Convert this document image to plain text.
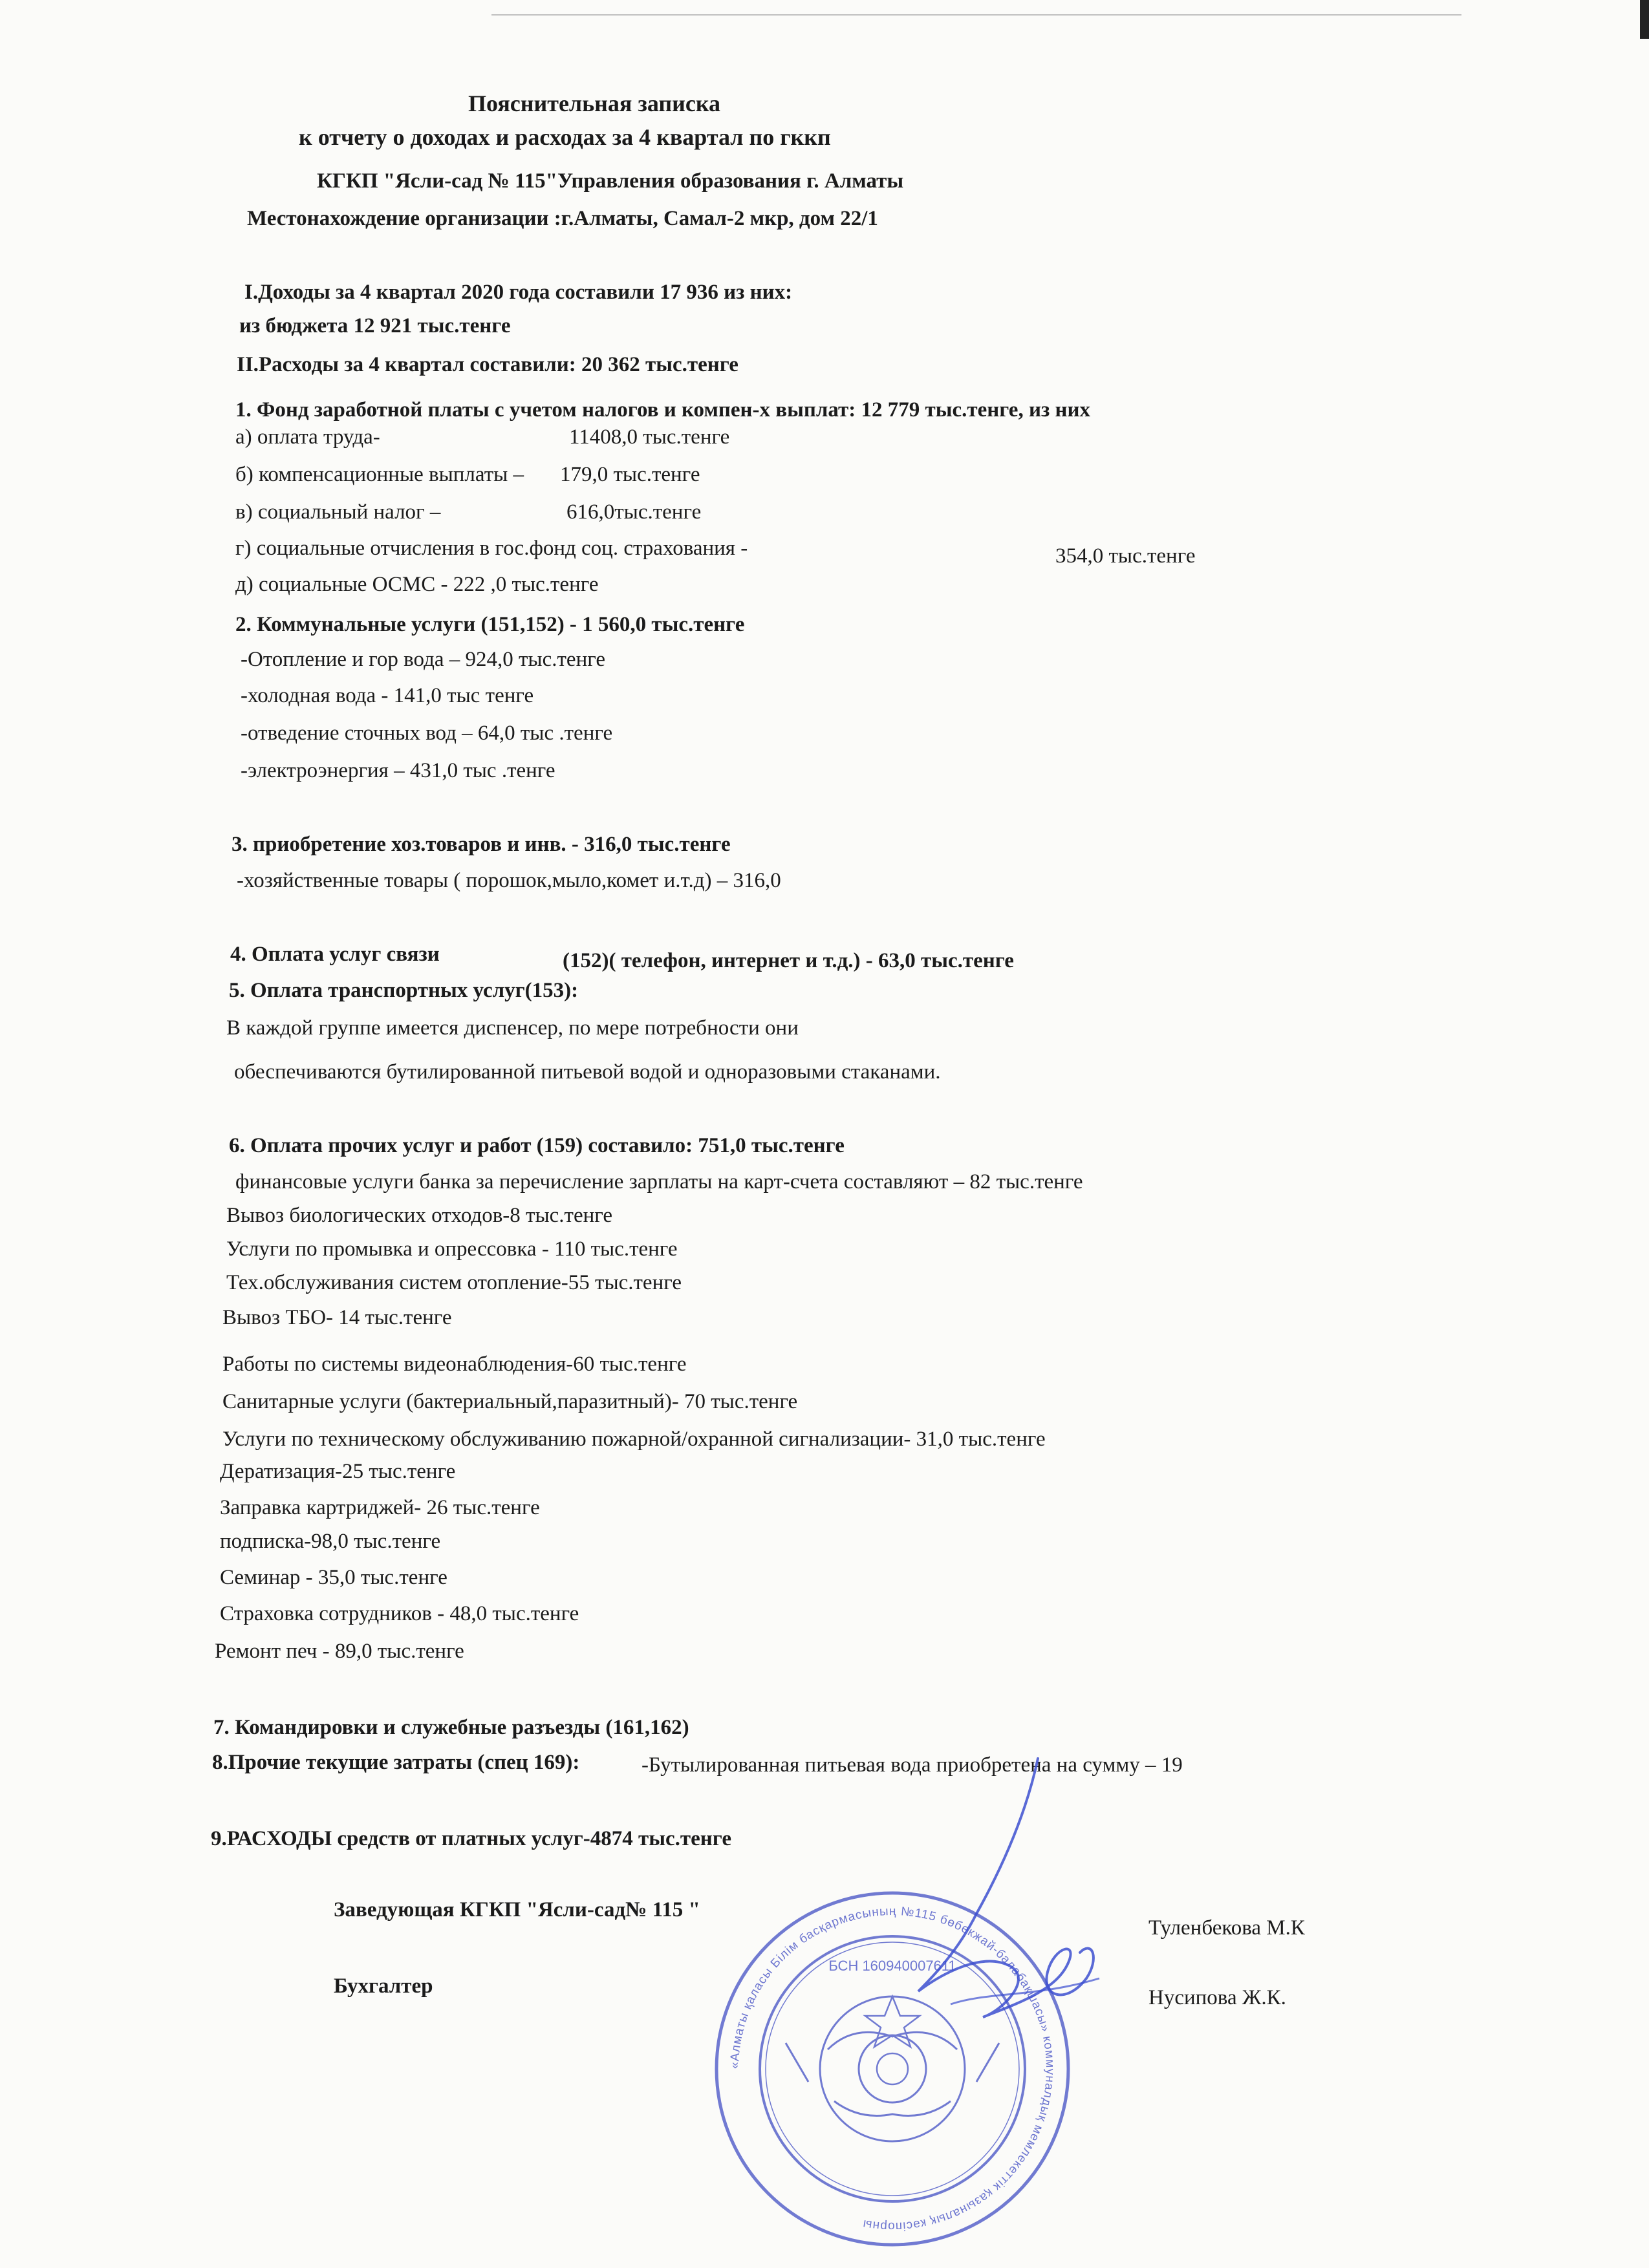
Пояснительная записка
к отчету о доходах и расходах за 4 квартал по гккп
КГКП "Ясли-сад № 115"Управления образования г. Алматы
Местонахождение организации :г.Алматы, Самал-2 мкр, дом 22/1
I.Доходы за 4 квартал 2020 года составили 17 936 из них:
из бюджета 12 921 тыс.тенге
II.Расходы за 4 квартал составили: 20 362 тыс.тенге
1. Фонд заработной платы с учетом налогов и компен-х выплат: 12 779 тыс.тенге, из них
а) оплата труда-	11408,0 тыс.тенге
б) компенсационные выплаты – 179,0 тыс.тенге
в) социальный налог –	616,0тыс.тенге
г) социальные отчисления в гос.фонд соц. страхования -	354,0 тыс.тенге
д) социальные ОСМС - 222 ,0 тыс.тенге
2. Коммунальные услуги (151,152) - 1 560,0 тыс.тенге
-Отопление и гор вода – 924,0 тыс.тенге
-холодная вода - 141,0 тыс тенге
-отведение сточных вод – 64,0 тыс .тенге
-электроэнергия – 431,0 тыс .тенге
3. приобретение хоз.товаров и инв. - 316,0 тыс.тенге
-хозяйственные товары ( порошок,мыло,комет и.т.д) – 316,0
4. Оплата услуг связи	(152)( телефон, интернет и т.д.) - 63,0 тыс.тенге
5. Оплата транспортных услуг(153):
В каждой группе имеется диспенсер, по мере потребности они
обеспечиваются бутилированной питьевой водой и одноразовыми стаканами.
6. Оплата прочих услуг и работ (159) составило: 751,0 тыс.тенге
финансовые услуги банка за перечисление зарплаты на карт-счета составляют – 82 тыс.тенге
Вывоз биологических отходов-8 тыс.тенге
Услуги по промывка и опрессовка - 110 тыс.тенге
Тех.обслуживания систем отопление-55 тыс.тенге
Вывоз ТБО- 14 тыс.тенге
Работы по системы видеонаблюдения-60 тыс.тенге
Санитарные услуги (бактериальный,паразитный)- 70 тыс.тенге
Услуги по техническому обслуживанию пожарной/охранной сигнализации- 31,0 тыс.тенге
Дератизация-25 тыс.тенге
Заправка картриджей- 26 тыс.тенге
подписка-98,0 тыс.тенге
Семинар - 35,0 тыс.тенге
Страховка сотрудников - 48,0 тыс.тенге
Ремонт печ - 89,0 тыс.тенге
7. Командировки и служебные разъезды (161,162)
8.Прочие текущие затраты (спец 169):	-Бутылированная питьевая вода приобретена на сумму – 19
9.РАСХОДЫ средств от платных услуг-4874 тыс.тенге
Заведующая КГКП "Ясли-сад№ 115 "
Туленбекова М.К
Бухгалтер	Нусипова Ж.К.
«Алматы қаласы Білім басқармасының №115 бөбекжай-балабақшасы» коммуналдық мемлекеттік қазыналық кәсіпорны
БСН 160940007611
